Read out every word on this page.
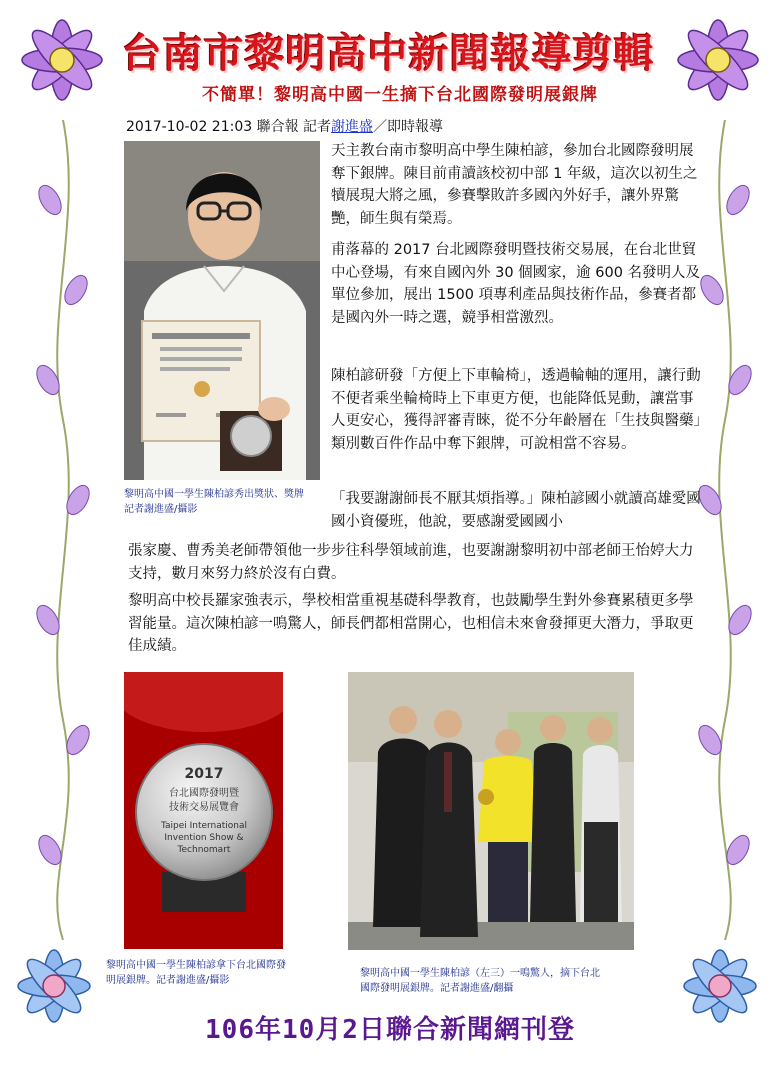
台南市黎明高中新聞報導剪輯
不簡單！黎明高中國一生摘下台北國際發明展銀牌
2017-10-02 21:03 聯合報 記者謝進盛／即時報導
黎明高中國一學生陳柏諺秀出獎狀、獎牌
記者謝進盛/攝影

天主教台南市黎明高中學生陳柏諺，參加台北國際發明展奪下銀牌。陳目前甫讀該校初中部 1 年級，這次以初生之犢展現大將之風，參賽擊敗許多國內外好手，讓外界驚艷，師生與有榮焉。

甫落幕的 2017 台北國際發明暨技術交易展，在台北世貿中心登場，有來自國內外 30 個國家，逾 600 名發明人及單位參加，展出 1500 項專利產品與技術作品，參賽者都是國內外一時之選，競爭相當激烈。

陳柏諺研發「方便上下車輪椅」，透過輪軸的運用，讓行動不便者乘坐輪椅時上下車更方便，也能降低晃動，讓當事人更安心，獲得評審青睞，從不分年齡層在「生技與醫藥」類別數百件作品中奪下銀牌，可說相當不容易。

「我要謝謝師長不厭其煩指導。」陳柏諺國小就讀高雄愛國國小資優班，他說，要感謝愛國國小

張家慶、曹秀美老師帶領他一步步往科學領域前進，也要謝謝黎明初中部老師王怡婷大力支持，數月來努力終於沒有白費。

黎明高中校長羅家強表示，學校相當重視基礎科學教育，也鼓勵學生對外參賽累積更多學習能量。這次陳柏諺一鳴驚人，師長們都相當開心，也相信未來會發揮更大潛力，爭取更佳成績。

2017
台北國際發明暨
技術交易展覽會
Taipei International
Invention Show &
Technomart
黎明高中國一學生陳柏諺拿下台北國際發
明展銀牌。記者謝進盛/攝影
黎明高中國一學生陳柏諺（左三）一鳴驚人，摘下台北
國際發明展銀牌。記者謝進盛/翻攝
106年10月2日聯合新聞網刊登
